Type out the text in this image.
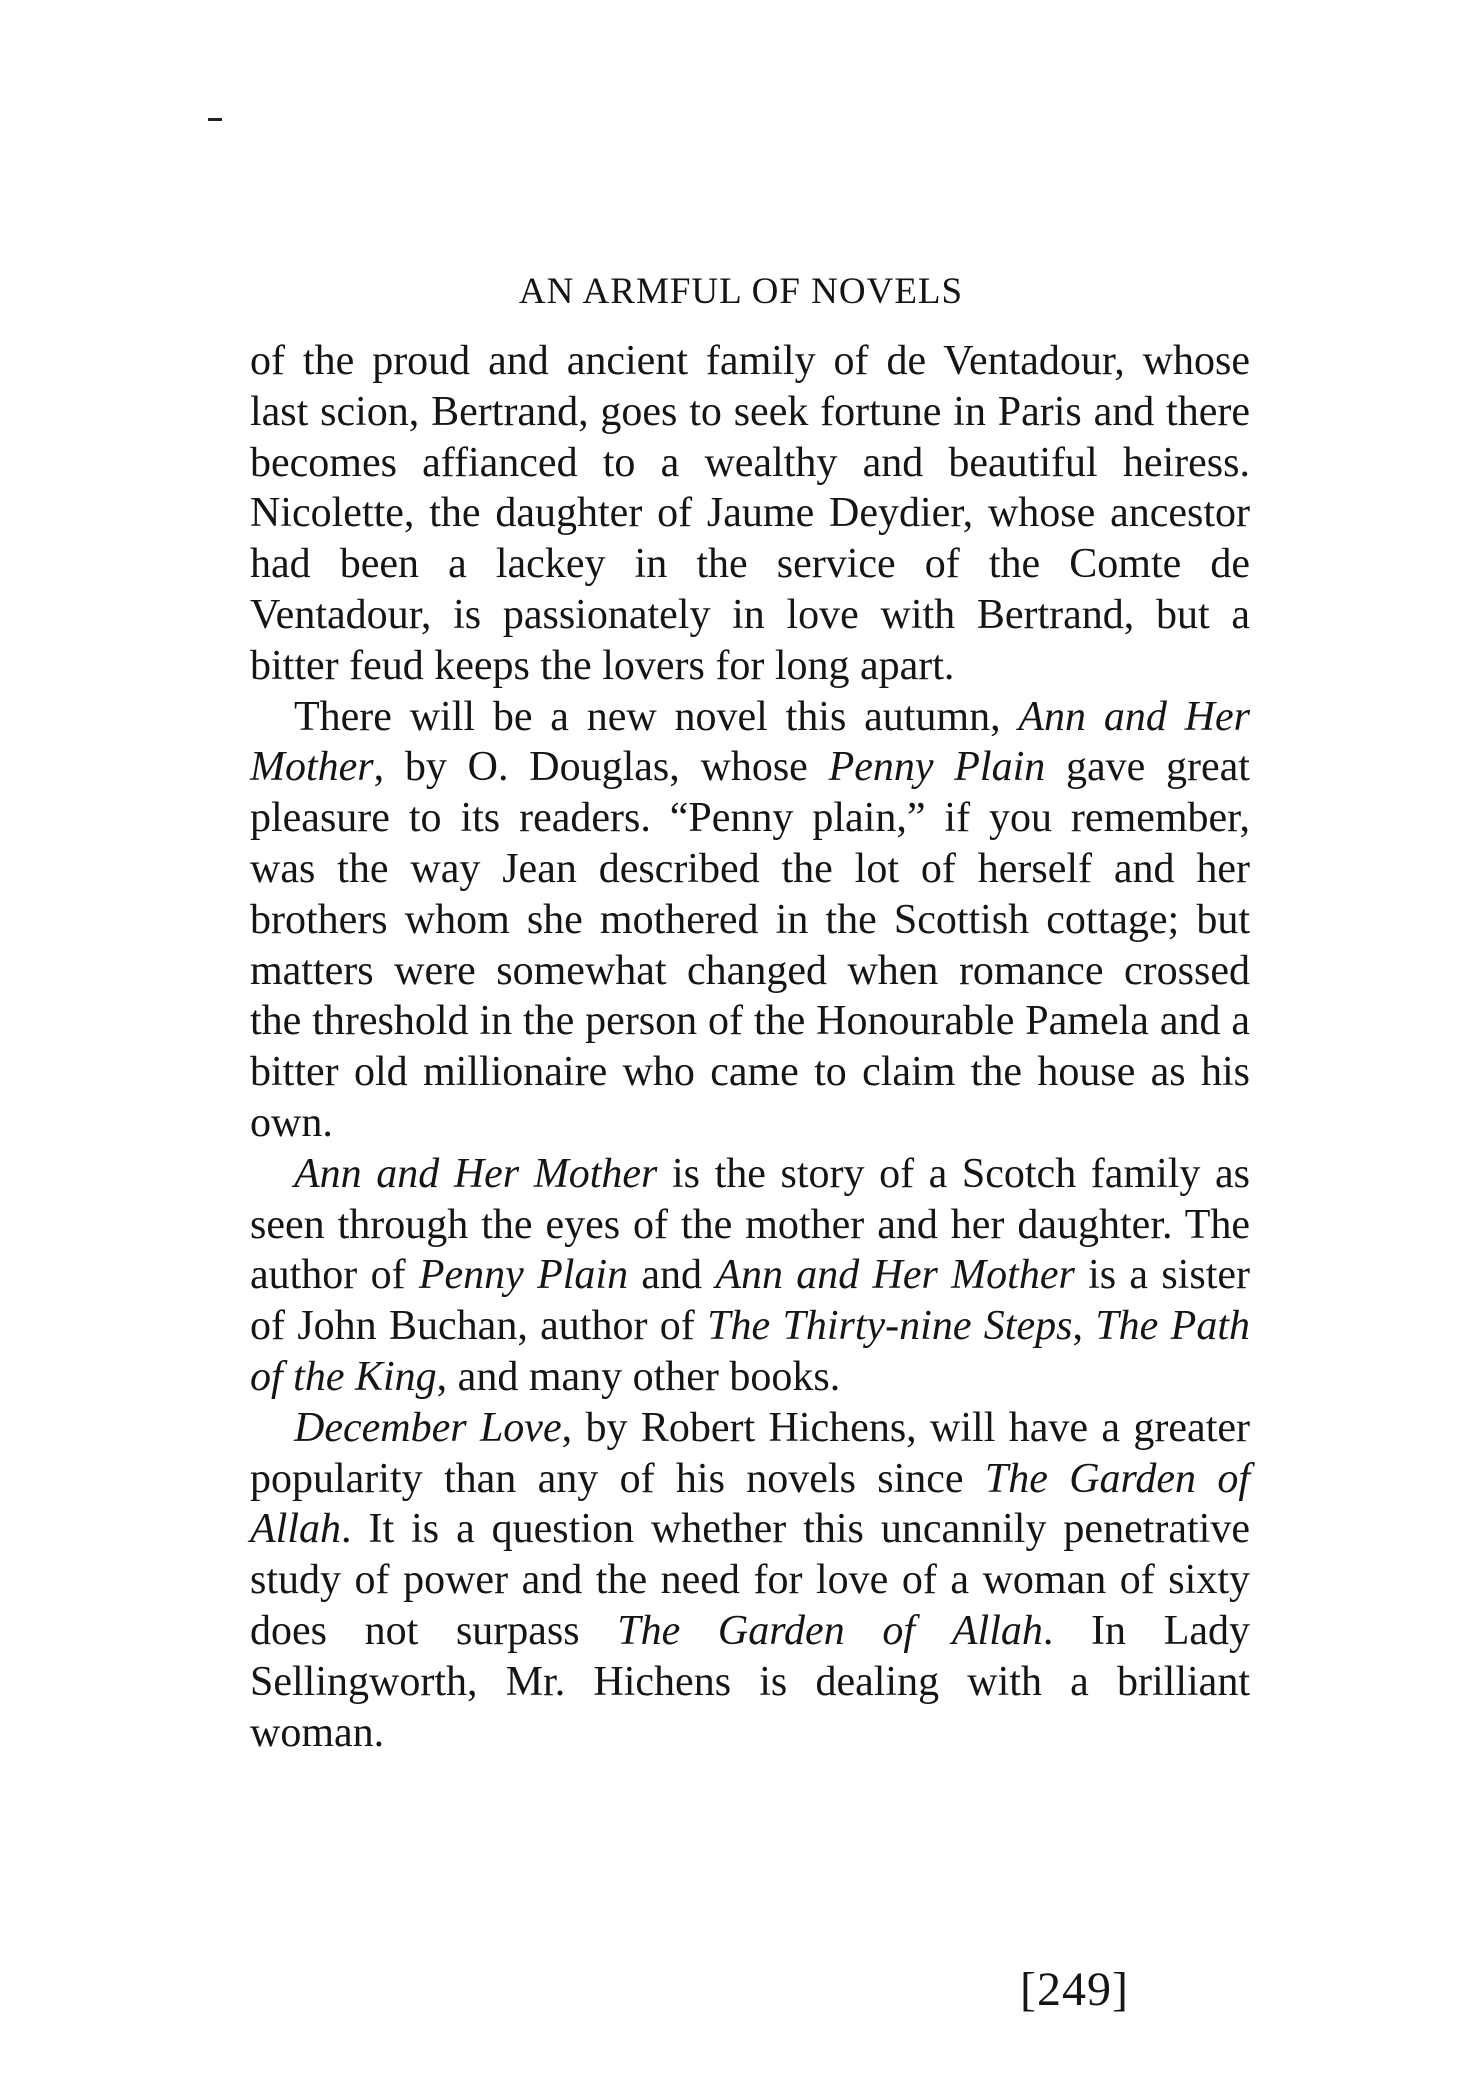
AN ARMFUL OF NOVELS

of the proud and ancient family of de Ventadour, whose last scion, Bertrand, goes to seek fortune in Paris and there becomes affianced to a wealthy and beautiful heiress. Nicolette, the daughter of Jaume Deydier, whose ancestor had been a lackey in the service of the Comte de Ventadour, is passionately in love with Bertrand, but a bitter feud keeps the lovers for long apart.

There will be a new novel this autumn, Ann and Her Mother, by O. Douglas, whose Penny Plain gave great pleasure to its readers. “Penny plain,” if you remember, was the way Jean described the lot of herself and her brothers whom she mothered in the Scottish cottage; but matters were somewhat changed when romance crossed the threshold in the person of the Honourable Pamela and a bitter old millionaire who came to claim the house as his own.

Ann and Her Mother is the story of a Scotch family as seen through the eyes of the mother and her daughter. The author of Penny Plain and Ann and Her Mother is a sister of John Buchan, author of The Thirty-nine Steps, The Path of the King, and many other books.

December Love, by Robert Hichens, will have a greater popularity than any of his novels since The Garden of Allah. It is a question whether this uncannily penetrative study of power and the need for love of a woman of sixty does not surpass The Garden of Allah. In Lady Sellingworth, Mr. Hichens is dealing with a brilliant woman.

[249]
